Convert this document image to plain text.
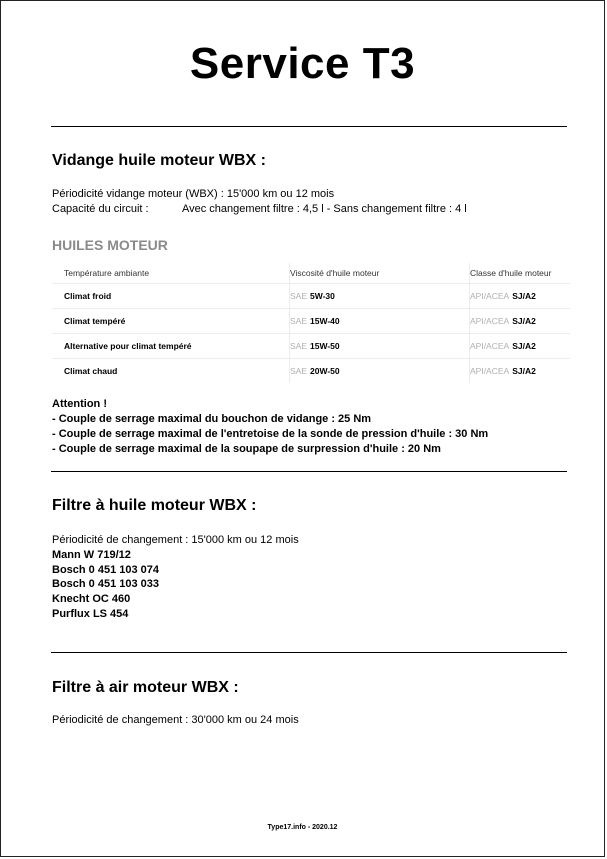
Service T3
Vidange huile moteur WBX :
Périodicité vidange moteur (WBX) : 15'000 km ou 12 mois
Capacité du circuit :	Avec changement filtre : 4,5 l - Sans changement filtre : 4 l
HUILES MOTEUR
Température ambiante	Viscosité d'huile moteur	Classe d'huile moteur
Climat froid	SAE 5W-30	API/ACEA SJ/A2
Climat tempéré	SAE 15W-40	API/ACEA SJ/A2
Alternative pour climat tempéré	SAE 15W-50	API/ACEA SJ/A2
Climat chaud	SAE 20W-50	API/ACEA SJ/A2
Attention !
- Couple de serrage maximal du bouchon de vidange : 25 Nm
- Couple de serrage maximal de l'entretoise de la sonde de pression d'huile : 30 Nm
- Couple de serrage maximal de la soupape de surpression d'huile : 20 Nm
Filtre à huile moteur WBX :
Périodicité de changement : 15'000 km ou 12 mois
Mann W 719/12
Bosch 0 451 103 074
Bosch 0 451 103 033
Knecht OC 460
Purflux LS 454
Filtre à air moteur WBX :
Périodicité de changement : 30'000 km ou 24 mois
Type17.info - 2020.12
